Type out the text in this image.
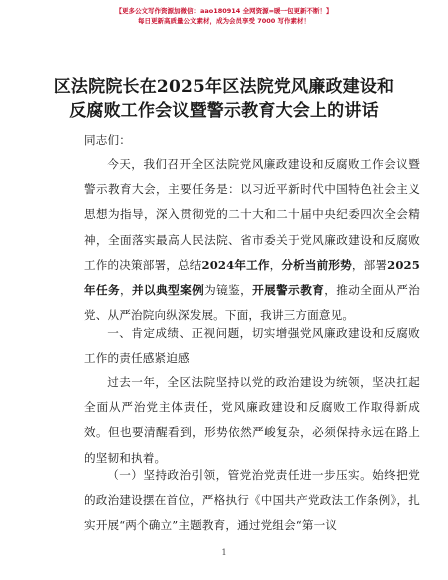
【更多公文写作资源加微信：aao180914 全网资源=暖一包更新不断！】
每日更新高质量公文素材，成为会员享受 7000 写作素材！
区法院院长在2025年区法院党风廉政建设和反腐败工作会议暨警示教育大会上的讲话
同志们：
今天，我们召开全区法院党风廉政建设和反腐败工作会议暨警示教育大会，主要任务是：以习近平新时代中国特色社会主义思想为指导，深入贯彻党的二十大和二十届中央纪委四次全会精神，全面落实最高人民法院、省市委关于党风廉政建设和反腐败工作的决策部署，总结2024年工作，分析当前形势，部署2025年任务，并以典型案例为镜鉴，开展警示教育，推动全面从严治党、从严治院向纵深发展。下面，我讲三方面意见。
一、肯定成绩、正视问题，切实增强党风廉政建设和反腐败工作的责任感紧迫感
过去一年，全区法院坚持以党的政治建设为统领，坚决扛起全面从严治党主体责任，党风廉政建设和反腐败工作取得新成效。但也要清醒看到，形势依然严峻复杂，必须保持永远在路上的坚韧和执着。
（一）坚持政治引领，管党治党责任进一步压实。始终把党的政治建设摆在首位，严格执行《中国共产党政法工作条例》，扎实开展“两个确立”主题教育，通过党组会“第一议
1
